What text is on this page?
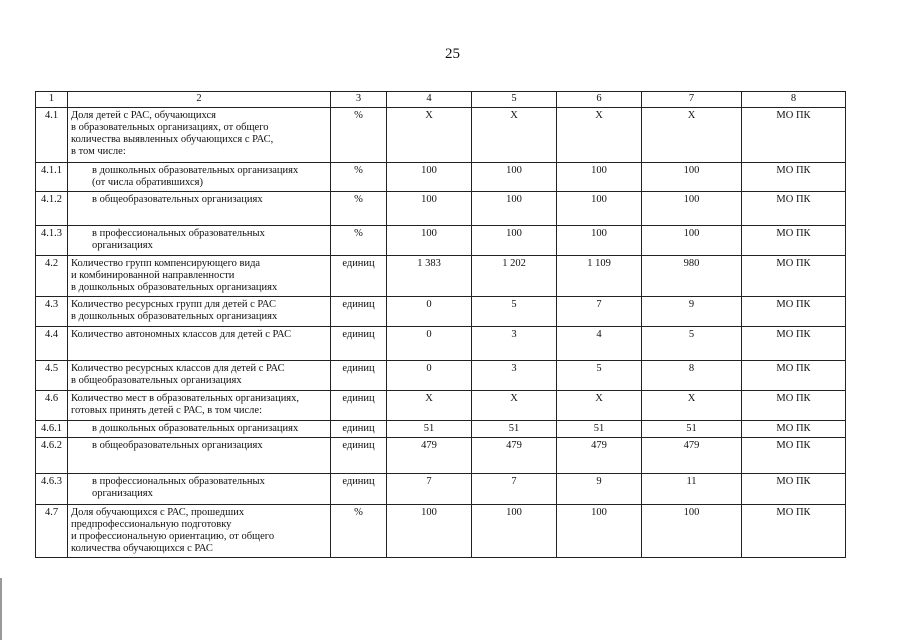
25
1	2	3	4	5	6	7	8
4.1	Доля детей с РАС, обучающихся
в образовательных организациях, от общего
количества выявленных обучающихся с РАС,
в том числе:	%	Х	Х	Х	Х	МО ПК
4.1.1	в дошкольных образовательных организациях
(от числа обратившихся)	%	100	100	100	100	МО ПК
4.1.2	в общеобразовательных организациях	%	100	100	100	100	МО ПК
4.1.3	в профессиональных образовательных
организациях	%	100	100	100	100	МО ПК
4.2	Количество групп компенсирующего вида
и комбинированной направленности
в дошкольных образовательных организациях	единиц	1 383	1 202	1 109	980	МО ПК
4.3	Количество ресурсных групп для детей с РАС
в дошкольных образовательных организациях	единиц	0	5	7	9	МО ПК
4.4	Количество автономных классов для детей с РАС	единиц	0	3	4	5	МО ПК
4.5	Количество ресурсных классов для детей с РАС
в общеобразовательных организациях	единиц	0	3	5	8	МО ПК
4.6	Количество мест в образовательных организациях,
готовых принять детей с РАС, в том числе:	единиц	Х	Х	Х	Х	МО ПК
4.6.1	в дошкольных образовательных организациях	единиц	51	51	51	51	МО ПК
4.6.2	в общеобразовательных организациях	единиц	479	479	479	479	МО ПК
4.6.3	в профессиональных образовательных
организациях	единиц	7	7	9	11	МО ПК
4.7	Доля обучающихся с РАС, прошедших
предпрофессиональную подготовку
и профессиональную ориентацию, от общего
количества обучающихся с РАС	%	100	100	100	100	МО ПК
